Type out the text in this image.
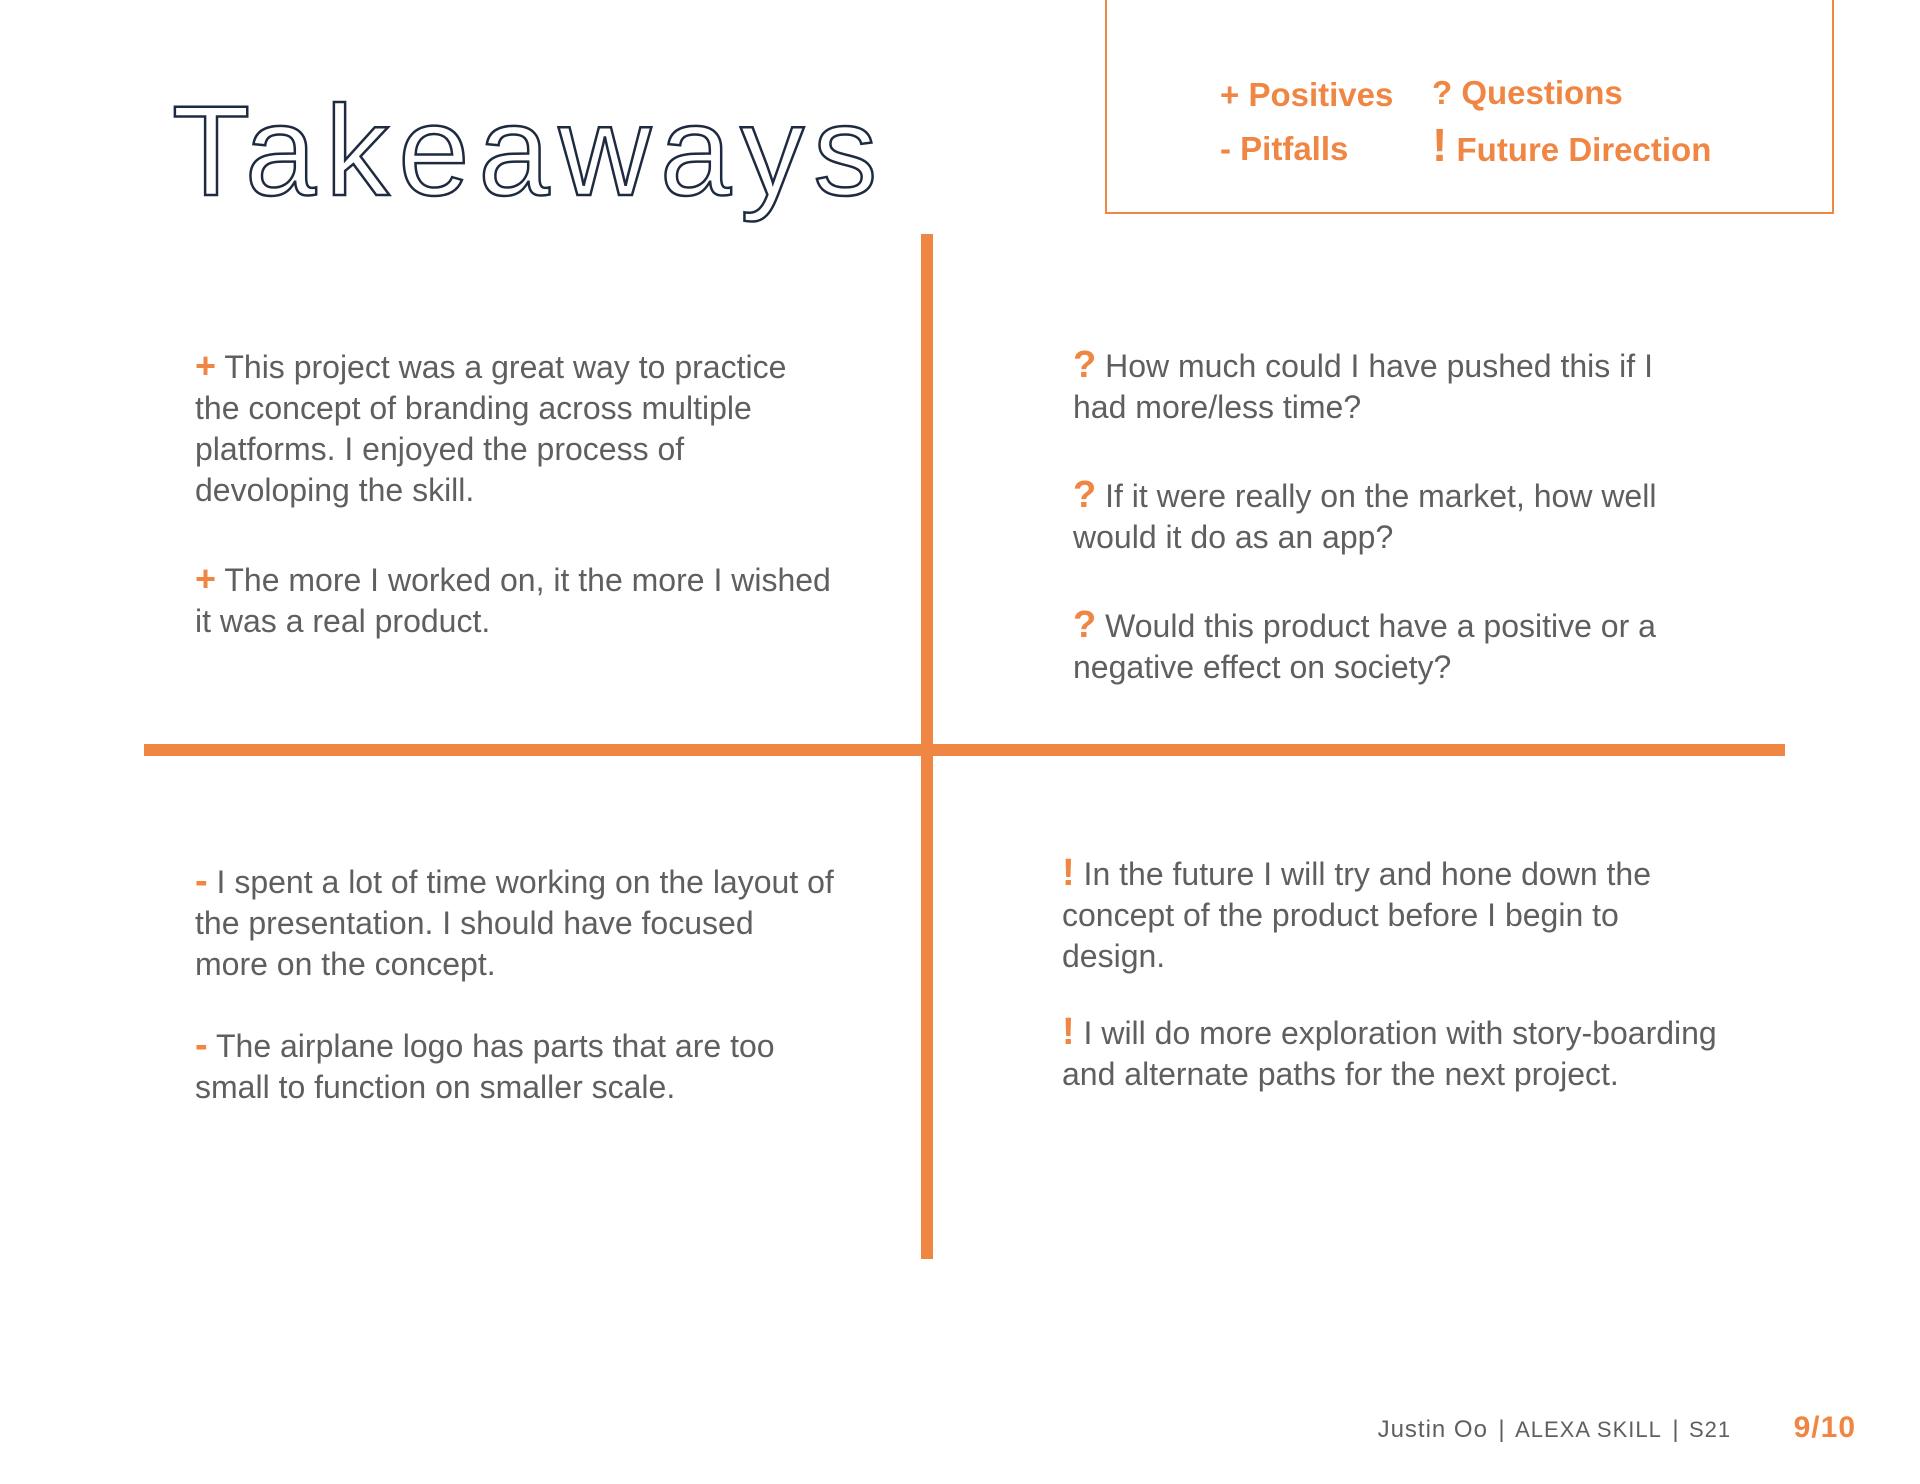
Takeaways	+ Positives
- Pitfalls
? Questions
! Future Direction

+ This project was a great way to practice the concept of branding across multiple platforms. I enjoyed the process of devoloping the skill.

+ The more I worked on, it the more I wished it was a real product.

? How much could I have pushed this if I had more/less time?

? If it were really on the market, how well would it do as an app?

? Would this product have a positive or a negative effect on society?

- I spent a lot of time working on the layout of the presentation. I should have focused more on the concept.

- The airplane logo has parts that are too small to function on smaller scale.

! In the future I will try and hone down the concept of the product before I begin to design.

! I will do more exploration with story-boarding and alternate paths for the next project.

Justin Oo | ALEXA SKILL | S21 9/10
